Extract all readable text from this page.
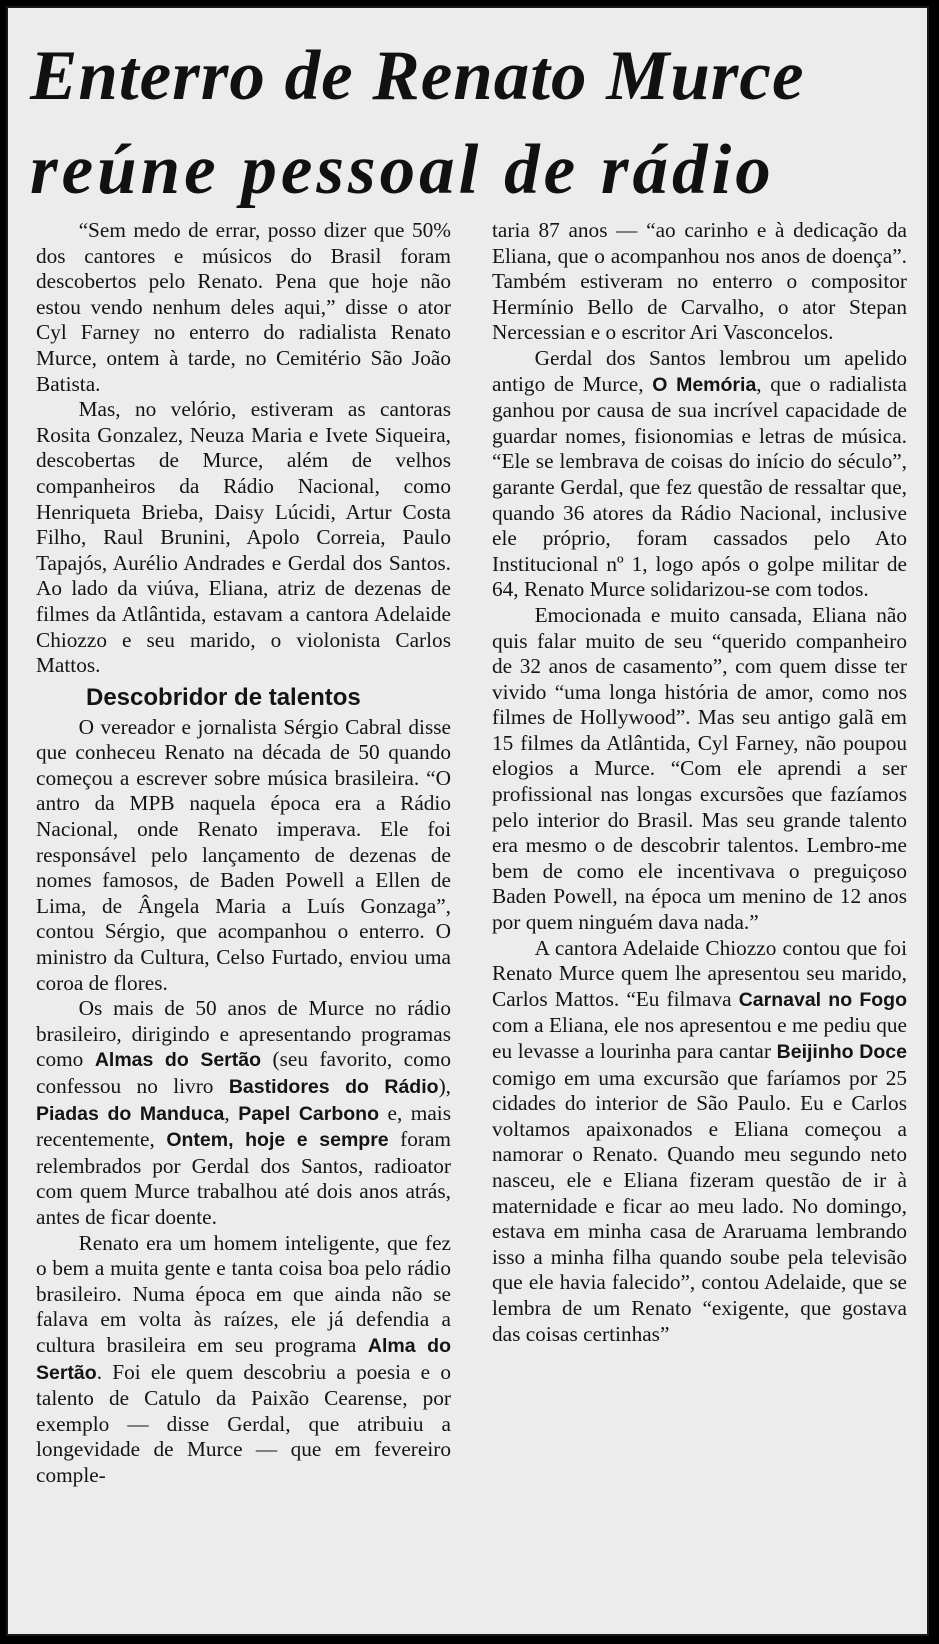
Enterro de Renato Murce
reúne pessoal de rádio

“Sem medo de errar, posso dizer que 50% dos cantores e músicos do Brasil foram descobertos pelo Renato. Pena que hoje não estou vendo nenhum deles aqui,” disse o ator Cyl Farney no enterro do radialista Renato Murce, ontem à tarde, no Cemitério São João Batista.

Mas, no velório, estiveram as cantoras Rosita Gonzalez, Neuza Maria e Ivete Siqueira, descobertas de Murce, além de velhos companheiros da Rádio Nacional, como Henriqueta Brieba, Daisy Lúcidi, Artur Costa Filho, Raul Brunini, Apolo Correia, Paulo Tapajós, Aurélio Andrades e Gerdal dos Santos. Ao lado da viúva, Eliana, atriz de dezenas de filmes da Atlântida, estavam a cantora Adelaide Chiozzo e seu marido, o violonista Carlos Mattos.

Descobridor de talentos

O vereador e jornalista Sérgio Cabral disse que conheceu Renato na década de 50 quando começou a escrever sobre música brasileira. “O antro da MPB naquela época era a Rádio Nacional, onde Renato imperava. Ele foi responsável pelo lançamento de dezenas de nomes famosos, de Baden Powell a Ellen de Lima, de Ângela Maria a Luís Gonzaga”, contou Sérgio, que acompanhou o enterro. O ministro da Cultura, Celso Furtado, enviou uma coroa de flores.

Os mais de 50 anos de Murce no rádio brasileiro, dirigindo e apresentando programas como Almas do Sertão (seu favorito, como confessou no livro Bastidores do Rádio), Piadas do Manduca, Papel Carbono e, mais recentemente, Ontem, hoje e sempre foram relembrados por Gerdal dos Santos, radioator com quem Murce trabalhou até dois anos atrás, antes de ficar doente.

Renato era um homem inteligente, que fez o bem a muita gente e tanta coisa boa pelo rádio brasileiro. Numa época em que ainda não se falava em volta às raízes, ele já defendia a cultura brasileira em seu programa Alma do Sertão. Foi ele quem descobriu a poesia e o talento de Catulo da Paixão Cearense, por exemplo — disse Gerdal, que atribuiu a longevidade de Murce — que em fevereiro comple-

taria 87 anos — “ao carinho e à dedicação da Eliana, que o acompanhou nos anos de doença”. Também estiveram no enterro o compositor Hermínio Bello de Carvalho, o ator Stepan Nercessian e o escritor Ari Vasconcelos.

Gerdal dos Santos lembrou um apelido antigo de Murce, O Memória, que o radialista ganhou por causa de sua incrível capacidade de guardar nomes, fisionomias e letras de música. “Ele se lembrava de coisas do início do século”, garante Gerdal, que fez questão de ressaltar que, quando 36 atores da Rádio Nacional, inclusive ele próprio, foram cassados pelo Ato Institucional nº 1, logo após o golpe militar de 64, Renato Murce solidarizou-se com todos.

Emocionada e muito cansada, Eliana não quis falar muito de seu “querido companheiro de 32 anos de casamento”, com quem disse ter vivido “uma longa história de amor, como nos filmes de Hollywood”. Mas seu antigo galã em 15 filmes da Atlântida, Cyl Farney, não poupou elogios a Murce. “Com ele aprendi a ser profissional nas longas excursões que fazíamos pelo interior do Brasil. Mas seu grande talento era mesmo o de descobrir talentos. Lembro-me bem de como ele incentivava o preguiçoso Baden Powell, na época um menino de 12 anos por quem ninguém dava nada.”

A cantora Adelaide Chiozzo contou que foi Renato Murce quem lhe apresentou seu marido, Carlos Mattos. “Eu filmava Carnaval no Fogo com a Eliana, ele nos apresentou e me pediu que eu levasse a lourinha para cantar Beijinho Doce comigo em uma excursão que faríamos por 25 cidades do interior de São Paulo. Eu e Carlos voltamos apaixonados e Eliana começou a namorar o Renato. Quando meu segundo neto nasceu, ele e Eliana fizeram questão de ir à maternidade e ficar ao meu lado. No domingo, estava em minha casa de Araruama lembrando isso a minha filha quando soube pela televisão que ele havia falecido”, contou Adelaide, que se lembra de um Renato “exigente, que gostava das coisas certinhas”
